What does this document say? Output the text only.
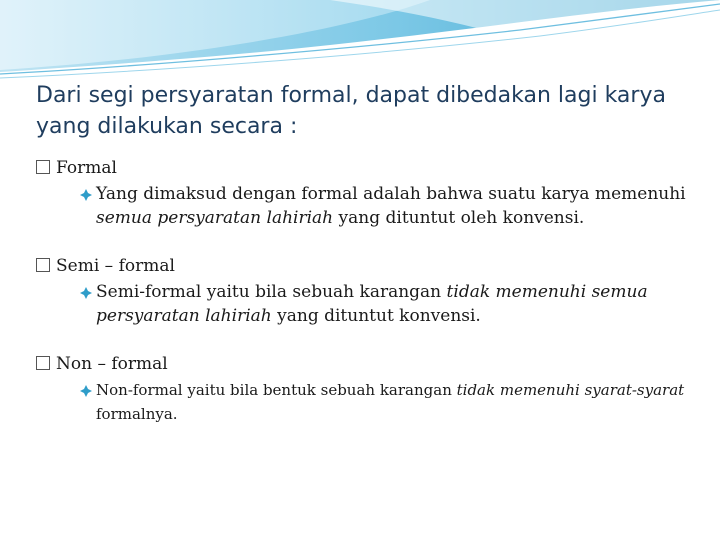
Dari segi persyaratan formal, dapat dibedakan lagi karya yang dilakukan secara :
Formal
Yang dimaksud dengan formal adalah bahwa suatu karya memenuhi semua persyaratan lahiriah yang dituntut oleh konvensi.
Semi – formal
Semi-formal yaitu bila sebuah karangan tidak memenuhi semua persyaratan lahiriah yang dituntut konvensi.
Non – formal
Non-formal yaitu bila bentuk sebuah karangan tidak memenuhi syarat-syarat formalnya.
